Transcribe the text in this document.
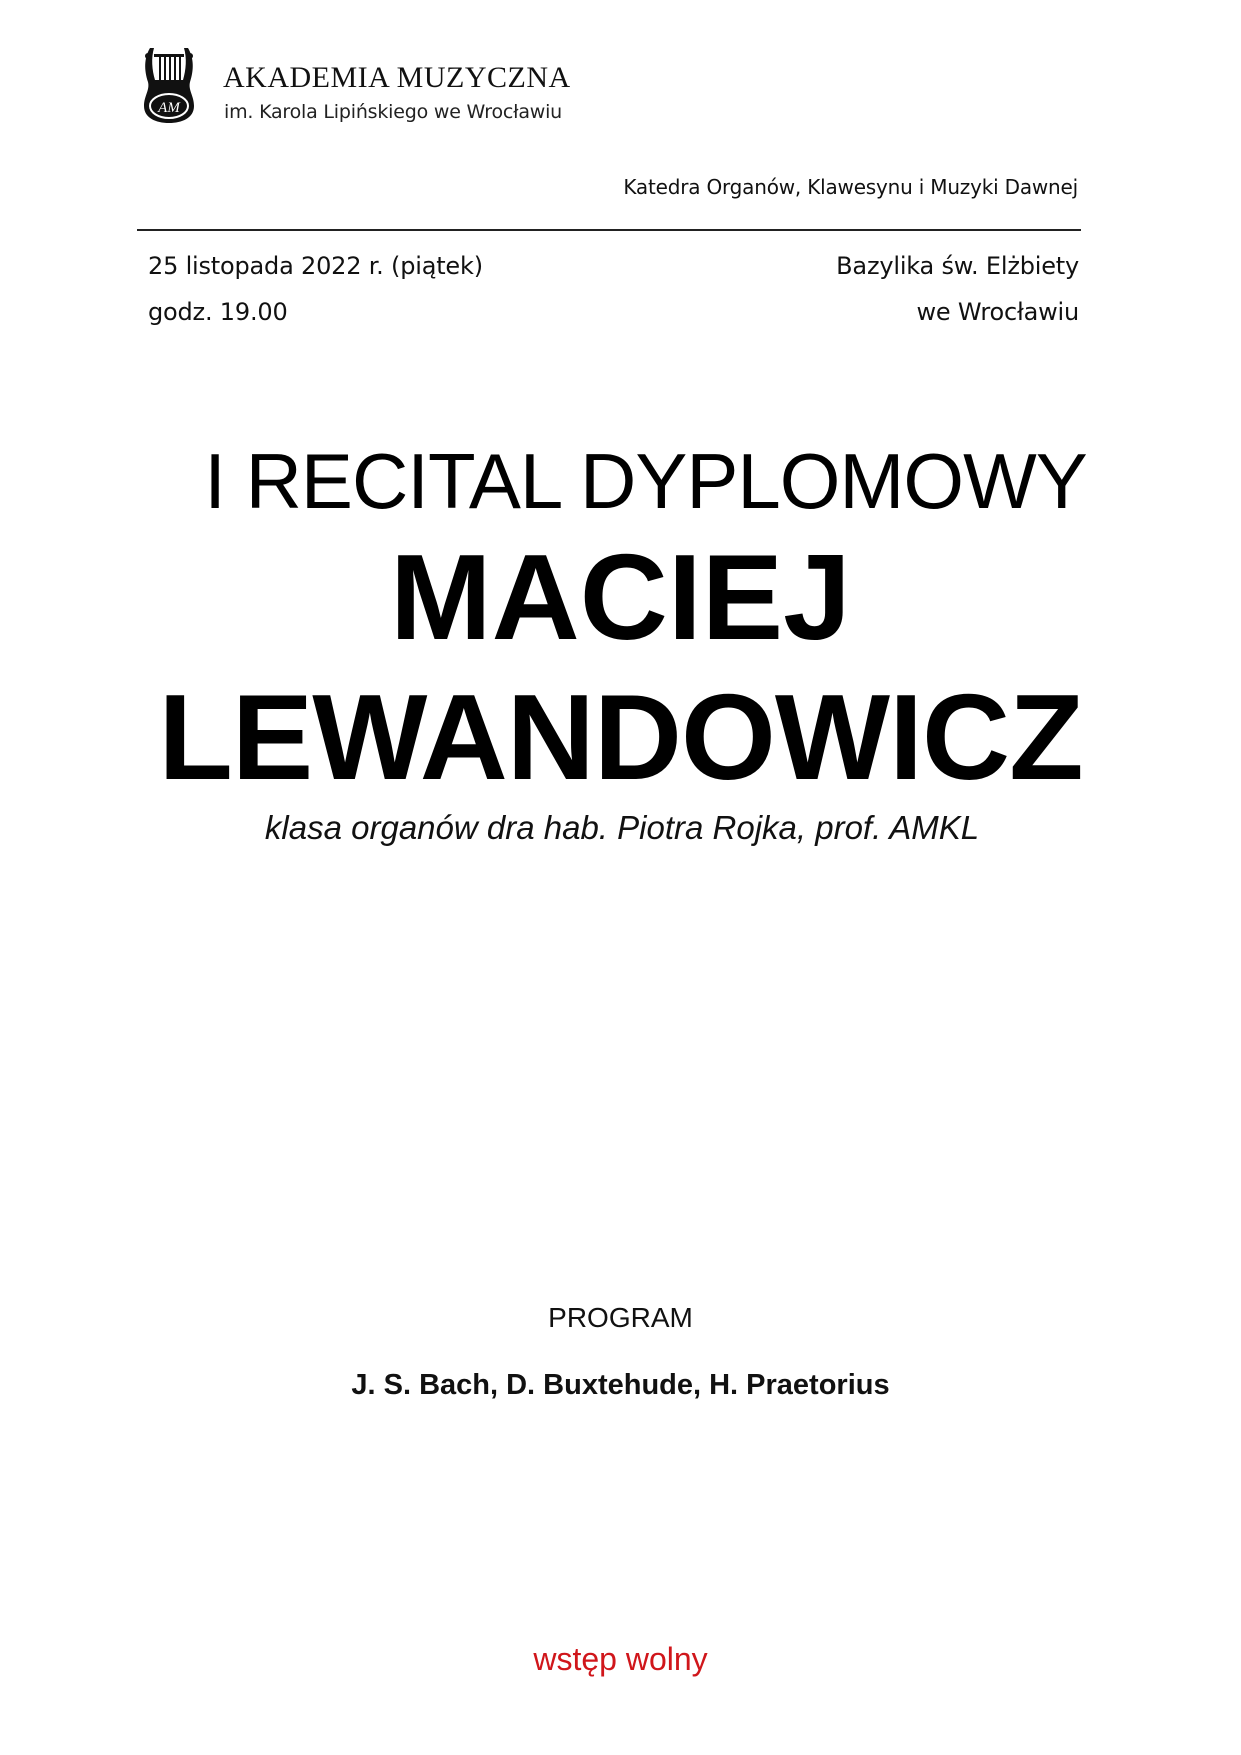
AM
AKADEMIA MUZYCZNA
im. Karola Lipińskiego we Wrocławiu
Katedra Organów, Klawesynu i Muzyki Dawnej
25 listopada 2022 r. (piątek)
godz. 19.00
Bazylika św. Elżbiety
we Wrocławiu
I RECITAL DYPLOMOWY
MACIEJ
LEWANDOWICZ
klasa organów dra hab. Piotra Rojka, prof. AMKL
PROGRAM
J. S. Bach, D. Buxtehude, H. Praetorius
wstęp wolny
